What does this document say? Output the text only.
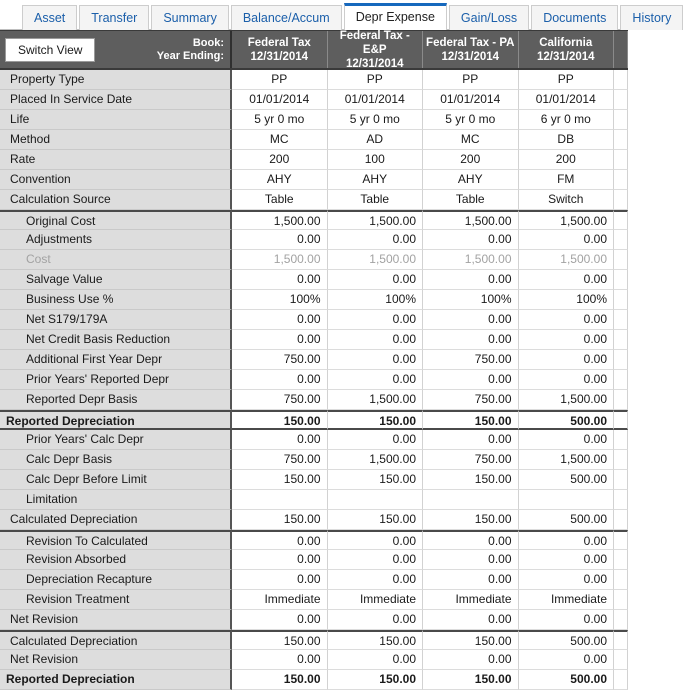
Asset	Transfer	Summary	Balance/Accum	Depr Expense	Gain/Loss	Documents	History
Switch View	Book:
Year Ending:
Federal Tax
12/31/2014
Federal Tax - E&P
12/31/2014
Federal Tax - PA
12/31/2014
California
12/31/2014
Property Type	PP	PP	PP	PP
Placed In Service Date	01/01/2014	01/01/2014	01/01/2014	01/01/2014
Life	5 yr 0 mo	5 yr 0 mo	5 yr 0 mo	6 yr 0 mo
Method	MC	AD	MC	DB
Rate	200	100	200	200
Convention	AHY	AHY	AHY	FM
Calculation Source	Table	Table	Table	Switch
Original Cost	1,500.00	1,500.00	1,500.00	1,500.00
Adjustments	0.00	0.00	0.00	0.00
Cost	1,500.00	1,500.00	1,500.00	1,500.00
Salvage Value	0.00	0.00	0.00	0.00
Business Use %	100%	100%	100%	100%
Net S179/179A	0.00	0.00	0.00	0.00
Net Credit Basis Reduction	0.00	0.00	0.00	0.00
Additional First Year Depr	750.00	0.00	750.00	0.00
Prior Years' Reported Depr	0.00	0.00	0.00	0.00
Reported Depr Basis	750.00	1,500.00	750.00	1,500.00
Reported Depreciation	150.00	150.00	150.00	500.00
Prior Years' Calc Depr	0.00	0.00	0.00	0.00
Calc Depr Basis	750.00	1,500.00	750.00	1,500.00
Calc Depr Before Limit	150.00	150.00	150.00	500.00
Limitation
Calculated Depreciation	150.00	150.00	150.00	500.00
Revision To Calculated	0.00	0.00	0.00	0.00
Revision Absorbed	0.00	0.00	0.00	0.00
Depreciation Recapture	0.00	0.00	0.00	0.00
Revision Treatment	Immediate	Immediate	Immediate	Immediate
Net Revision	0.00	0.00	0.00	0.00
Calculated Depreciation	150.00	150.00	150.00	500.00
Net Revision	0.00	0.00	0.00	0.00
Reported Depreciation	150.00	150.00	150.00	500.00
